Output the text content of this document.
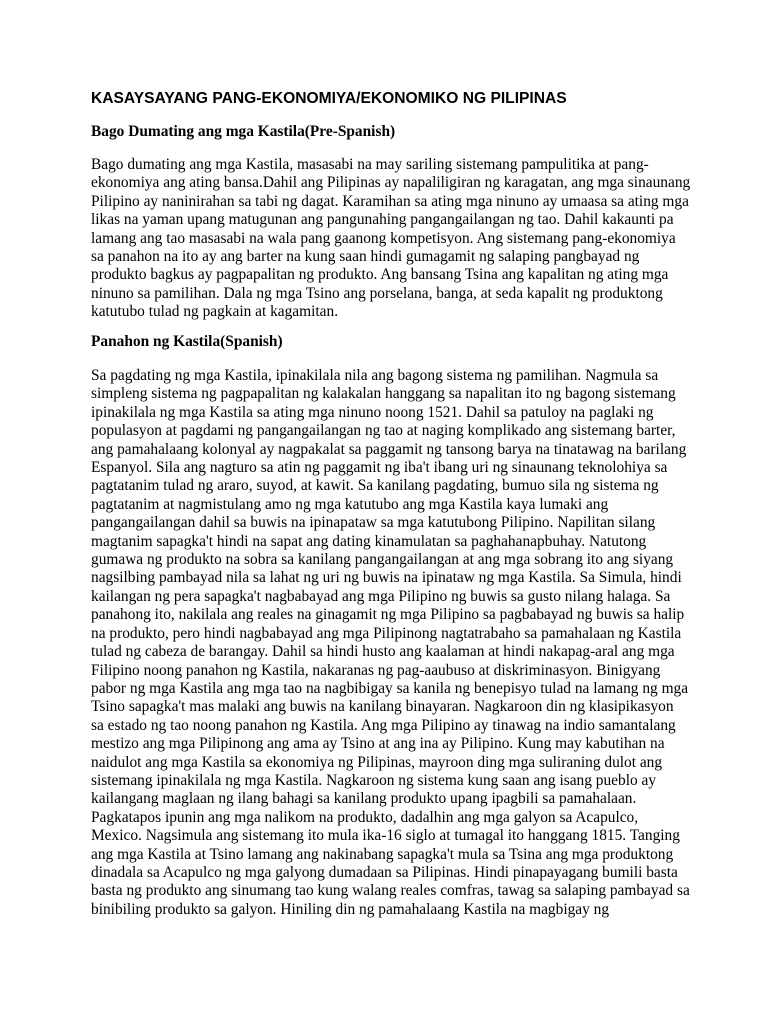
KASAYSAYANG PANG-EKONOMIYA/EKONOMIKO NG PILIPINAS
Bago Dumating ang mga Kastila(Pre-Spanish)
Bago dumating ang mga Kastila, masasabi na may sariling sistemang pampulitika at pang-
ekonomiya ang ating bansa.Dahil ang Pilipinas ay napaliligiran ng karagatan, ang mga sinaunang
Pilipino ay naninirahan sa tabi ng dagat. Karamihan sa ating mga ninuno ay umaasa sa ating mga
likas na yaman upang matugunan ang pangunahing pangangailangan ng tao. Dahil kakaunti pa
lamang ang tao masasabi na wala pang gaanong kompetisyon. Ang sistemang pang-ekonomiya
sa panahon na ito ay ang barter na kung saan hindi gumagamit ng salaping pangbayad ng
produkto bagkus ay pagpapalitan ng produkto. Ang bansang Tsina ang kapalitan ng ating mga
ninuno sa pamilihan. Dala ng mga Tsino ang porselana, banga, at seda kapalit ng produktong
katutubo tulad ng pagkain at kagamitan.
Panahon ng Kastila(Spanish)
Sa pagdating ng mga Kastila, ipinakilala nila ang bagong sistema ng pamilihan. Nagmula sa
simpleng sistema ng pagpapalitan ng kalakalan hanggang sa napalitan ito ng bagong sistemang
ipinakilala ng mga Kastila sa ating mga ninuno noong 1521. Dahil sa patuloy na paglaki ng
populasyon at pagdami ng pangangailangan ng tao at naging komplikado ang sistemang barter,
ang pamahalaang kolonyal ay nagpakalat sa paggamit ng tansong barya na tinatawag na barilang
Espanyol. Sila ang nagturo sa atin ng paggamit ng iba't ibang uri ng sinaunang teknolohiya sa
pagtatanim tulad ng araro, suyod, at kawit. Sa kanilang pagdating, bumuo sila ng sistema ng
pagtatanim at nagmistulang amo ng mga katutubo ang mga Kastila kaya lumaki ang
pangangailangan dahil sa buwis na ipinapataw sa mga katutubong Pilipino. Napilitan silang
magtanim sapagka't hindi na sapat ang dating kinamulatan sa paghahanapbuhay. Natutong
gumawa ng produkto na sobra sa kanilang pangangailangan at ang mga sobrang ito ang siyang
nagsilbing pambayad nila sa lahat ng uri ng buwis na ipinataw ng mga Kastila. Sa Simula, hindi
kailangan ng pera sapagka't nagbabayad ang mga Pilipino ng buwis sa gusto nilang halaga. Sa
panahong ito, nakilala ang reales na ginagamit ng mga Pilipino sa pagbabayad ng buwis sa halip
na produkto, pero hindi nagbabayad ang mga Pilipinong nagtatrabaho sa pamahalaan ng Kastila
tulad ng cabeza de barangay. Dahil sa hindi husto ang kaalaman at hindi nakapag-aral ang mga
Filipino noong panahon ng Kastila, nakaranas ng pag-aaubuso at diskriminasyon. Binigyang
pabor ng mga Kastila ang mga tao na nagbibigay sa kanila ng benepisyo tulad na lamang ng mga
Tsino sapagka't mas malaki ang buwis na kanilang binayaran. Nagkaroon din ng klasipikasyon
sa estado ng tao noong panahon ng Kastila. Ang mga Pilipino ay tinawag na indio samantalang
mestizo ang mga Pilipinong ang ama ay Tsino at ang ina ay Pilipino. Kung may kabutihan na
naidulot ang mga Kastila sa ekonomiya ng Pilipinas, mayroon ding mga suliraning dulot ang
sistemang ipinakilala ng mga Kastila. Nagkaroon ng sistema kung saan ang isang pueblo ay
kailangang maglaan ng ilang bahagi sa kanilang produkto upang ipagbili sa pamahalaan.
Pagkatapos ipunin ang mga nalikom na produkto, dadalhin ang mga galyon sa Acapulco,
Mexico. Nagsimula ang sistemang ito mula ika-16 siglo at tumagal ito hanggang 1815. Tanging
ang mga Kastila at Tsino lamang ang nakinabang sapagka't mula sa Tsina ang mga produktong
dinadala sa Acapulco ng mga galyong dumadaan sa Pilipinas. Hindi pinapayagang bumili basta
basta ng produkto ang sinumang tao kung walang reales comfras, tawag sa salaping pambayad sa
binibiling produkto sa galyon. Hiniling din ng pamahalaang Kastila na magbigay ng
